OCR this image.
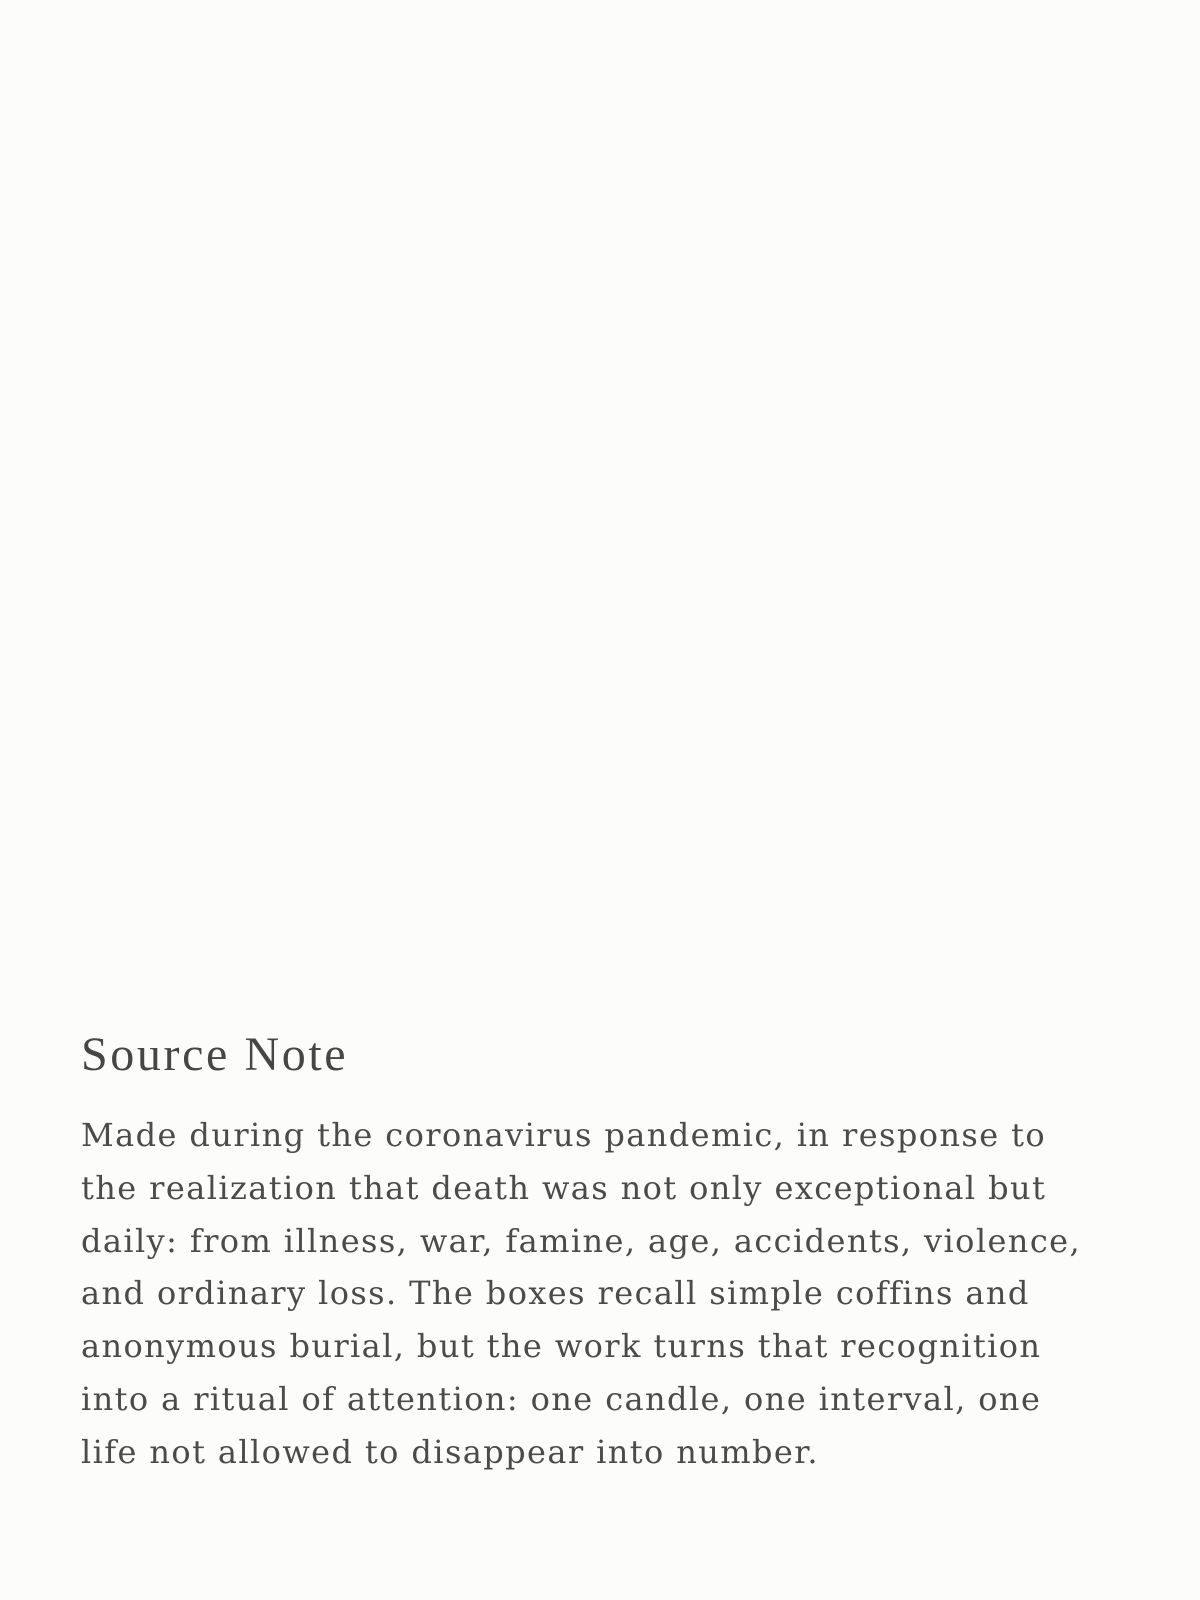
Source Note

Made during the coronavirus pandemic, in response to
the realization that death was not only exceptional but
daily: from illness, war, famine, age, accidents, violence,
and ordinary loss. The boxes recall simple coffins and
anonymous burial, but the work turns that recognition
into a ritual of attention: one candle, one interval, one
life not allowed to disappear into number.
